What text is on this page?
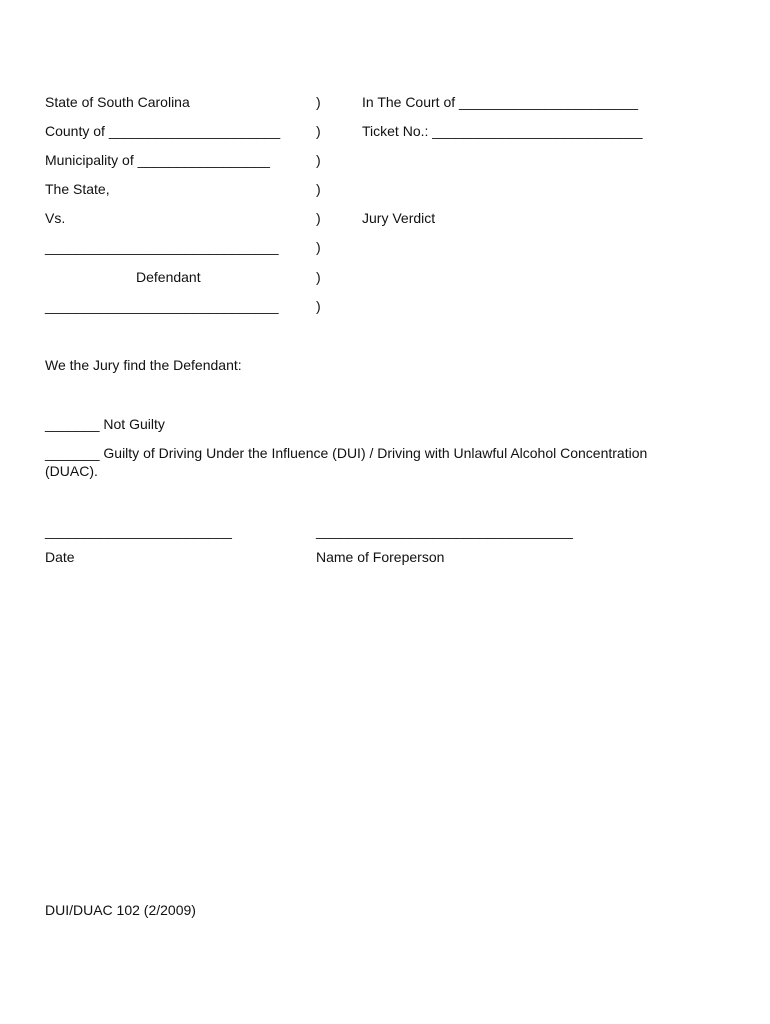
State of South Carolina	)	In The Court of _______________________
County of ______________________	)	Ticket No.: ___________________________
Municipality of _________________	)
The State,	)
Vs.	)	Jury Verdict
______________________________	)
Defendant	)
______________________________	)
We the Jury find the Defendant:
_______ Not Guilty
_______ Guilty of Driving Under the Influence (DUI) / Driving with Unlawful Alcohol Concentration
(DUAC).
________________________	_________________________________
Date	Name of Foreperson
DUI/DUAC 102 (2/2009)
